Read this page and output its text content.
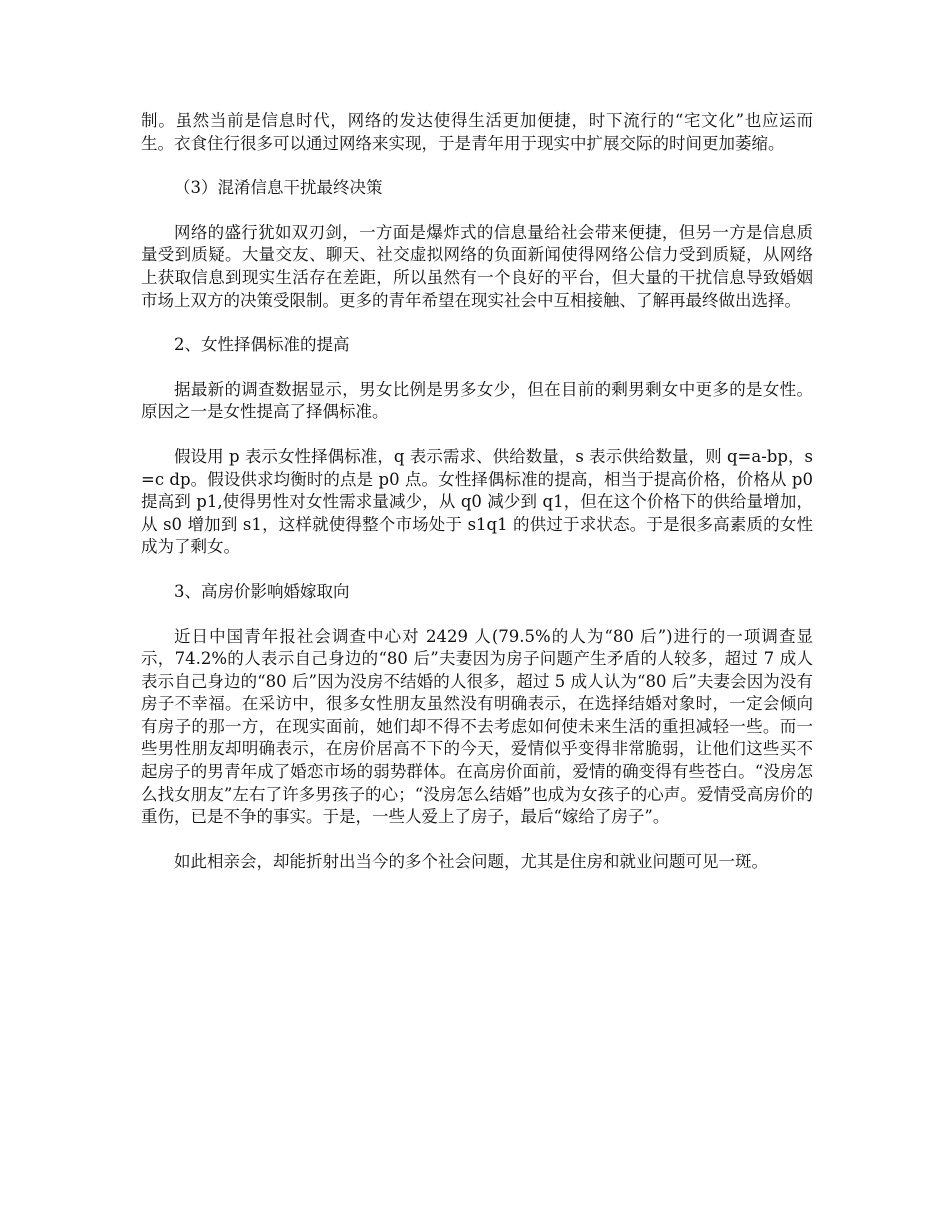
制。虽然当前是信息时代，网络的发达使得生活更加便捷，时下流行的“宅文化”也应运而生。衣食住行很多可以通过网络来实现，于是青年用于现实中扩展交际的时间更加萎缩。

（3）混淆信息干扰最终决策

网络的盛行犹如双刃剑，一方面是爆炸式的信息量给社会带来便捷，但另一方是信息质量受到质疑。大量交友、聊天、社交虚拟网络的负面新闻使得网络公信力受到质疑，从网络上获取信息到现实生活存在差距，所以虽然有一个良好的平台，但大量的干扰信息导致婚姻市场上双方的决策受限制。更多的青年希望在现实社会中互相接触、了解再最终做出选择。

2、女性择偶标准的提高

据最新的调查数据显示，男女比例是男多女少，但在目前的剩男剩女中更多的是女性。原因之一是女性提高了择偶标准。

假设用 p 表示女性择偶标准，q 表示需求、供给数量，s 表示供给数量，则 q=a-bp，s=c dp。假设供求均衡时的点是 p0 点。女性择偶标准的提高，相当于提高价格，价格从 p0 提高到 p1,使得男性对女性需求量减少，从 q0 减少到 q1，但在这个价格下的供给量增加，从 s0 增加到 s1，这样就使得整个市场处于 s1q1 的供过于求状态。于是很多高素质的女性成为了剩女。

3、高房价影响婚嫁取向

近日中国青年报社会调查中心对 2429 人(79.5%的人为“80 后”)进行的一项调查显示，74.2%的人表示自己身边的“80 后”夫妻因为房子问题产生矛盾的人较多，超过 7 成人表示自己身边的“80 后”因为没房不结婚的人很多，超过 5 成人认为“80 后”夫妻会因为没有房子不幸福。在采访中，很多女性朋友虽然没有明确表示，在选择结婚对象时，一定会倾向有房子的那一方，在现实面前，她们却不得不去考虑如何使未来生活的重担减轻一些。而一些男性朋友却明确表示，在房价居高不下的今天，爱情似乎变得非常脆弱，让他们这些买不起房子的男青年成了婚恋市场的弱势群体。在高房价面前，爱情的确变得有些苍白。“没房怎么找女朋友”左右了许多男孩子的心；“没房怎么结婚”也成为女孩子的心声。爱情受高房价的重伤，已是不争的事实。于是，一些人爱上了房子，最后“嫁给了房子”。

如此相亲会，却能折射出当今的多个社会问题，尤其是住房和就业问题可见一斑。
